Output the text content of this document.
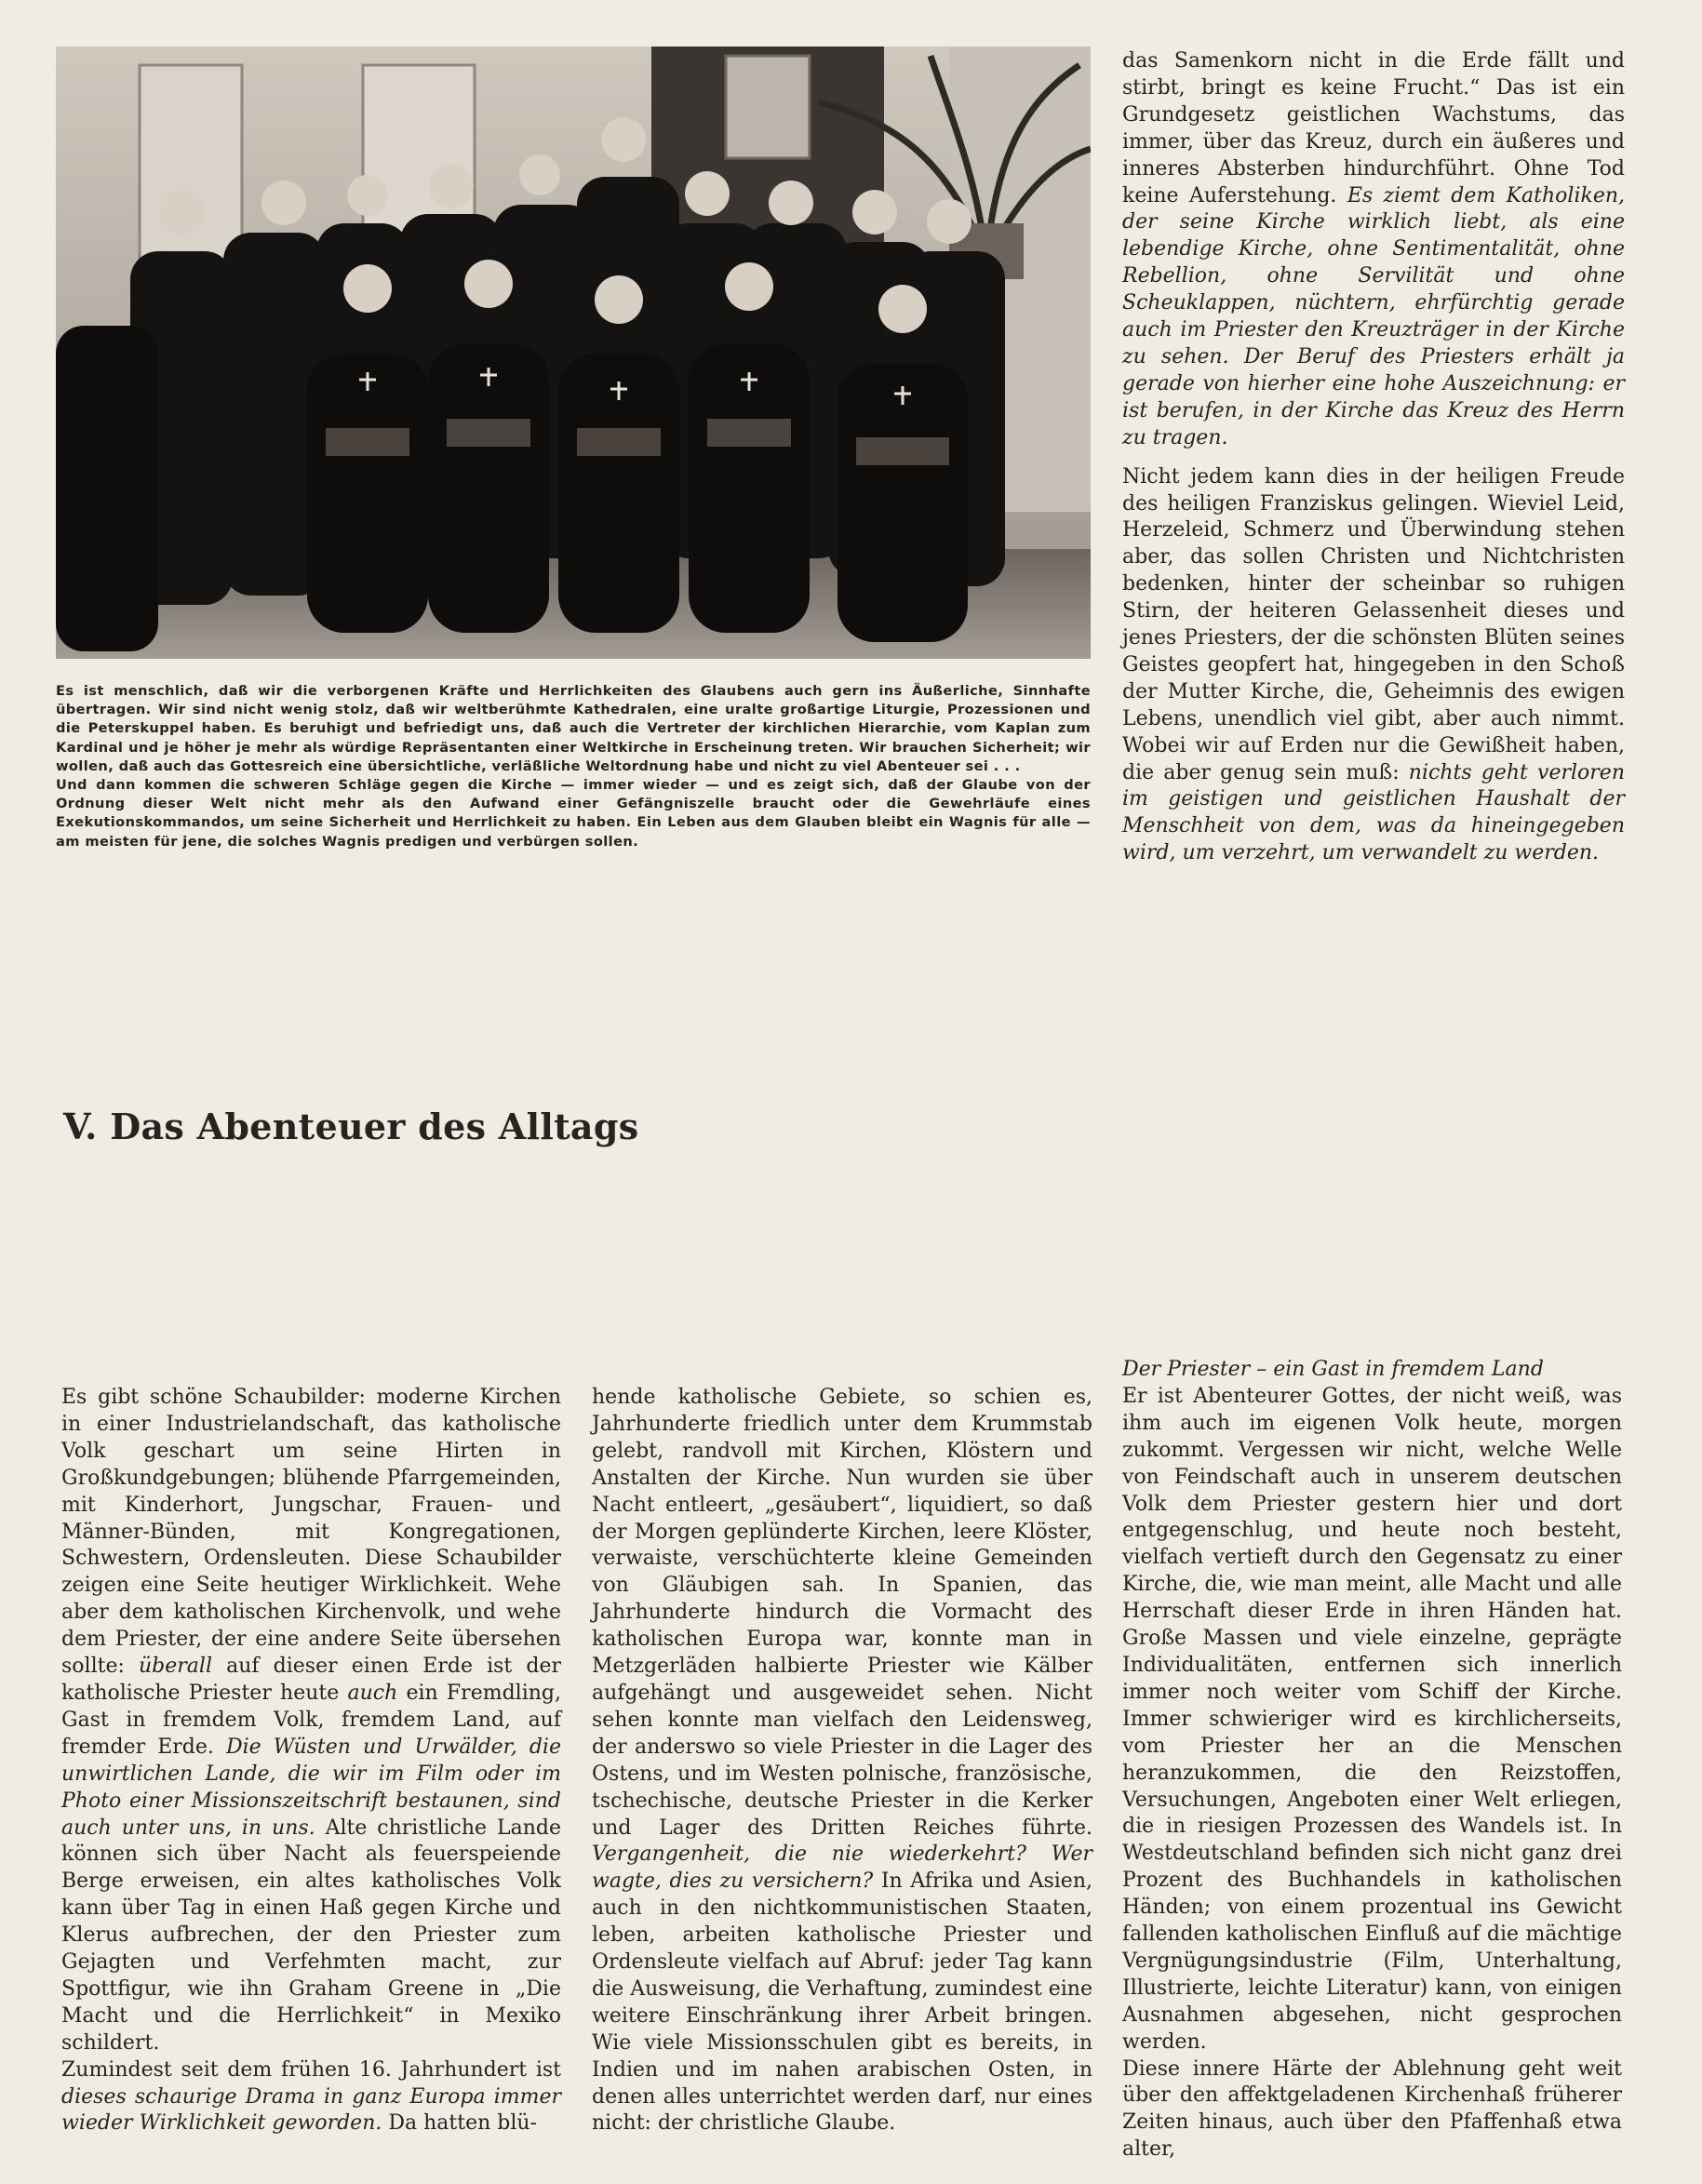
Es ist menschlich, daß wir die verborgenen Kräfte und Herrlichkeiten des Glaubens auch gern ins Äußerliche, Sinnhafte übertragen. Wir sind nicht wenig stolz, daß wir weltberühmte Kathedralen, eine uralte großartige Liturgie, Prozessionen und die Peterskuppel haben. Es beruhigt und befriedigt uns, daß auch die Vertreter der kirchlichen Hierarchie, vom Kaplan zum Kardinal und je höher je mehr als würdige Repräsentanten einer Weltkirche in Erscheinung treten. Wir brauchen Sicherheit; wir wollen, daß auch das Gottesreich eine übersichtliche, verläßliche Weltordnung habe und nicht zu viel Abenteuer sei . . .

Und dann kommen die schweren Schläge gegen die Kirche — immer wieder — und es zeigt sich, daß der Glaube von der Ordnung dieser Welt nicht mehr als den Aufwand einer Gefängniszelle braucht oder die Gewehrläufe eines Exekutionskommandos, um seine Sicherheit und Herrlichkeit zu haben. Ein Leben aus dem Glauben bleibt ein Wagnis für alle — am meisten für jene, die solches Wagnis predigen und verbürgen sollen.

das Samenkorn nicht in die Erde fällt und stirbt, bringt es keine Frucht.“ Das ist ein Grundgesetz geistlichen Wachstums, das immer, über das Kreuz, durch ein äußeres und inneres Absterben hindurchführt. Ohne Tod keine Auferstehung. Es ziemt dem Katholiken, der seine Kirche wirklich liebt, als eine lebendige Kirche, ohne Sentimentalität, ohne Rebellion, ohne Servilität und ohne Scheuklappen, nüchtern, ehrfürchtig gerade auch im Priester den Kreuzträger in der Kirche zu sehen. Der Beruf des Priesters erhält ja gerade von hierher eine hohe Auszeichnung: er ist berufen, in der Kirche das Kreuz des Herrn zu tragen.

Nicht jedem kann dies in der heiligen Freude des heiligen Franziskus gelingen. Wieviel Leid, Herzeleid, Schmerz und Überwindung stehen aber, das sollen Christen und Nichtchristen bedenken, hinter der scheinbar so ruhigen Stirn, der heiteren Gelassenheit dieses und jenes Priesters, der die schönsten Blüten seines Geistes geopfert hat, hingegeben in den Schoß der Mutter Kirche, die, Geheimnis des ewigen Lebens, unendlich viel gibt, aber auch nimmt. Wobei wir auf Erden nur die Gewißheit haben, die aber genug sein muß: nichts geht verloren im geistigen und geistlichen Haushalt der Menschheit von dem, was da hineingegeben wird, um verzehrt, um verwandelt zu werden.

V. Das Abenteuer des Alltags

Es gibt schöne Schaubilder: moderne Kirchen in einer Industrielandschaft, das katholische Volk geschart um seine Hirten in Großkundgebungen; blühende Pfarrgemeinden, mit Kinderhort, Jungschar, Frauen- und Männer-Bünden, mit Kongregationen, Schwestern, Ordensleuten. Diese Schaubilder zeigen eine Seite heutiger Wirklichkeit. Wehe aber dem katholischen Kirchenvolk, und wehe dem Priester, der eine andere Seite übersehen sollte: überall auf dieser einen Erde ist der katholische Priester heute auch ein Fremdling, Gast in fremdem Volk, fremdem Land, auf fremder Erde. Die Wüsten und Urwälder, die unwirtlichen Lande, die wir im Film oder im Photo einer Missionszeitschrift bestaunen, sind auch unter uns, in uns. Alte christliche Lande können sich über Nacht als feuerspeiende Berge erweisen, ein altes katholisches Volk kann über Tag in einen Haß gegen Kirche und Klerus aufbrechen, der den Priester zum Gejagten und Verfehmten macht, zur Spottfigur, wie ihn Graham Greene in „Die Macht und die Herrlichkeit“ in Mexiko schildert.

Zumindest seit dem frühen 16. Jahrhundert ist dieses schaurige Drama in ganz Europa immer wieder Wirklichkeit geworden. Da hatten blü-

hende katholische Gebiete, so schien es, Jahrhunderte friedlich unter dem Krummstab gelebt, randvoll mit Kirchen, Klöstern und Anstalten der Kirche. Nun wurden sie über Nacht entleert, „gesäubert“, liquidiert, so daß der Morgen geplünderte Kirchen, leere Klöster, verwaiste, verschüchterte kleine Gemeinden von Gläubigen sah. In Spanien, das Jahrhunderte hindurch die Vormacht des katholischen Europa war, konnte man in Metzgerläden halbierte Priester wie Kälber aufgehängt und ausgeweidet sehen. Nicht sehen konnte man vielfach den Leidensweg, der anderswo so viele Priester in die Lager des Ostens, und im Westen polnische, französische, tschechische, deutsche Priester in die Kerker und Lager des Dritten Reiches führte. Vergangenheit, die nie wiederkehrt? Wer wagte, dies zu versichern? In Afrika und Asien, auch in den nichtkommunistischen Staaten, leben, arbeiten katholische Priester und Ordensleute vielfach auf Abruf: jeder Tag kann die Ausweisung, die Verhaftung, zumindest eine weitere Einschränkung ihrer Arbeit bringen. Wie viele Missionsschulen gibt es bereits, in Indien und im nahen arabischen Osten, in denen alles unterrichtet werden darf, nur eines nicht: der christliche Glaube.

Der Priester – ein Gast in fremdem Land

Er ist Abenteurer Gottes, der nicht weiß, was ihm auch im eigenen Volk heute, morgen zukommt. Vergessen wir nicht, welche Welle von Feindschaft auch in unserem deutschen Volk dem Priester gestern hier und dort entgegenschlug, und heute noch besteht, vielfach vertieft durch den Gegensatz zu einer Kirche, die, wie man meint, alle Macht und alle Herrschaft dieser Erde in ihren Händen hat. Große Massen und viele einzelne, geprägte Individualitäten, entfernen sich innerlich immer noch weiter vom Schiff der Kirche. Immer schwieriger wird es kirchlicherseits, vom Priester her an die Menschen heranzukommen, die den Reizstoffen, Versuchungen, Angeboten einer Welt erliegen, die in riesigen Prozessen des Wandels ist. In Westdeutschland befinden sich nicht ganz drei Prozent des Buchhandels in katholischen Händen; von einem prozentual ins Gewicht fallenden katholischen Einfluß auf die mächtige Vergnügungsindustrie (Film, Unterhaltung, Illustrierte, leichte Literatur) kann, von einigen Ausnahmen abgesehen, nicht gesprochen werden.

Diese innere Härte der Ablehnung geht weit über den affektgeladenen Kirchenhaß früherer Zeiten hinaus, auch über den Pfaffenhaß etwa alter,
